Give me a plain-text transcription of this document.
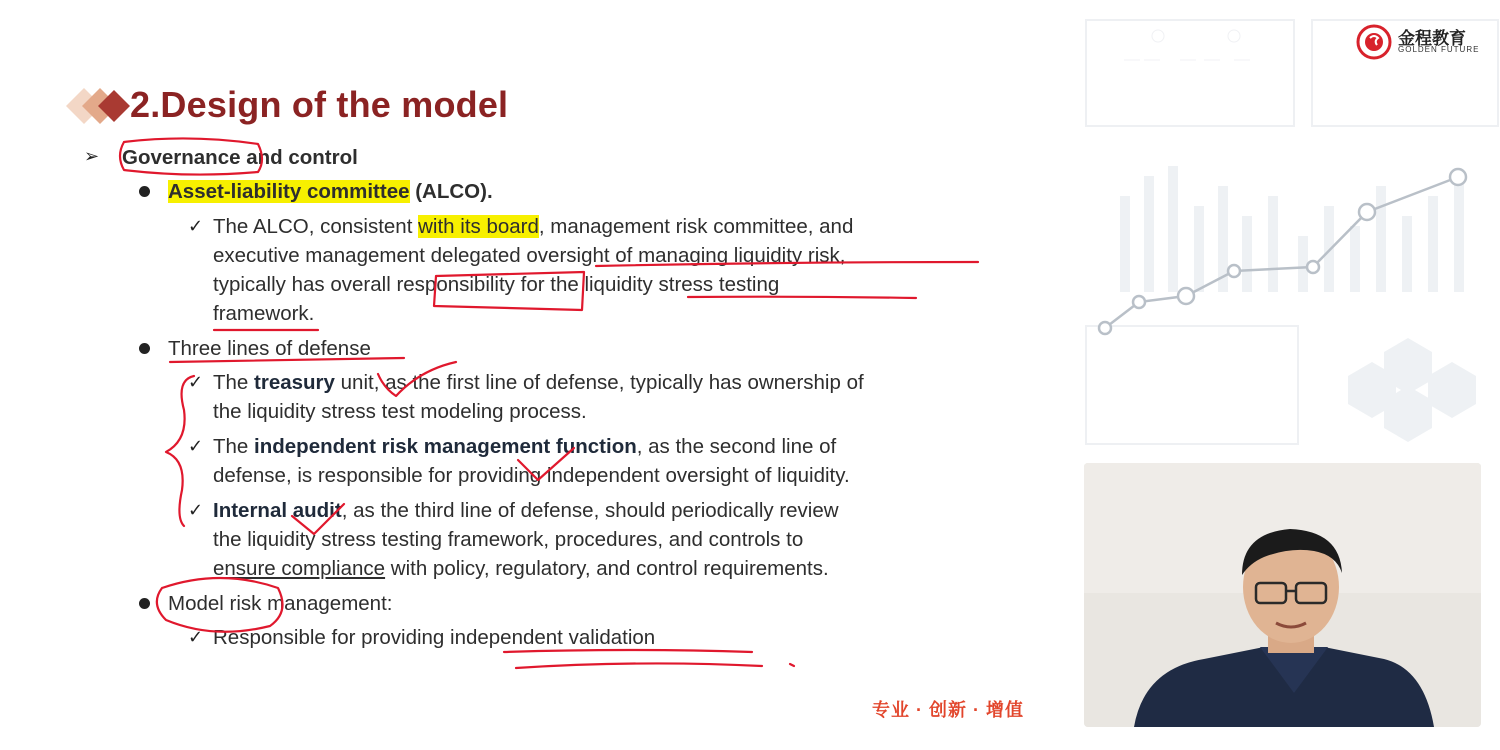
2.Design of the model
➢ Governance and control
Asset-liability committee (ALCO).
✓ The ALCO, consistent with its board, management risk committee, and
executive management delegated oversight of managing liquidity risk,
typically has overall responsibility for the liquidity stress testing
framework.
Three lines of defense
✓ The treasury unit, as the first line of defense, typically has ownership of
the liquidity stress test modeling process.
✓ The independent risk management function, as the second line of
defense, is responsible for providing independent oversight of liquidity.
✓ Internal audit, as the third line of defense, should periodically review
the liquidity stress testing framework, procedures, and controls to
ensure compliance with policy, regulatory, and control requirements.
Model risk management:
✓ Responsible for providing independent validation
专业 · 创新 · 增值
金程教育
GOLDEN FUTURE
